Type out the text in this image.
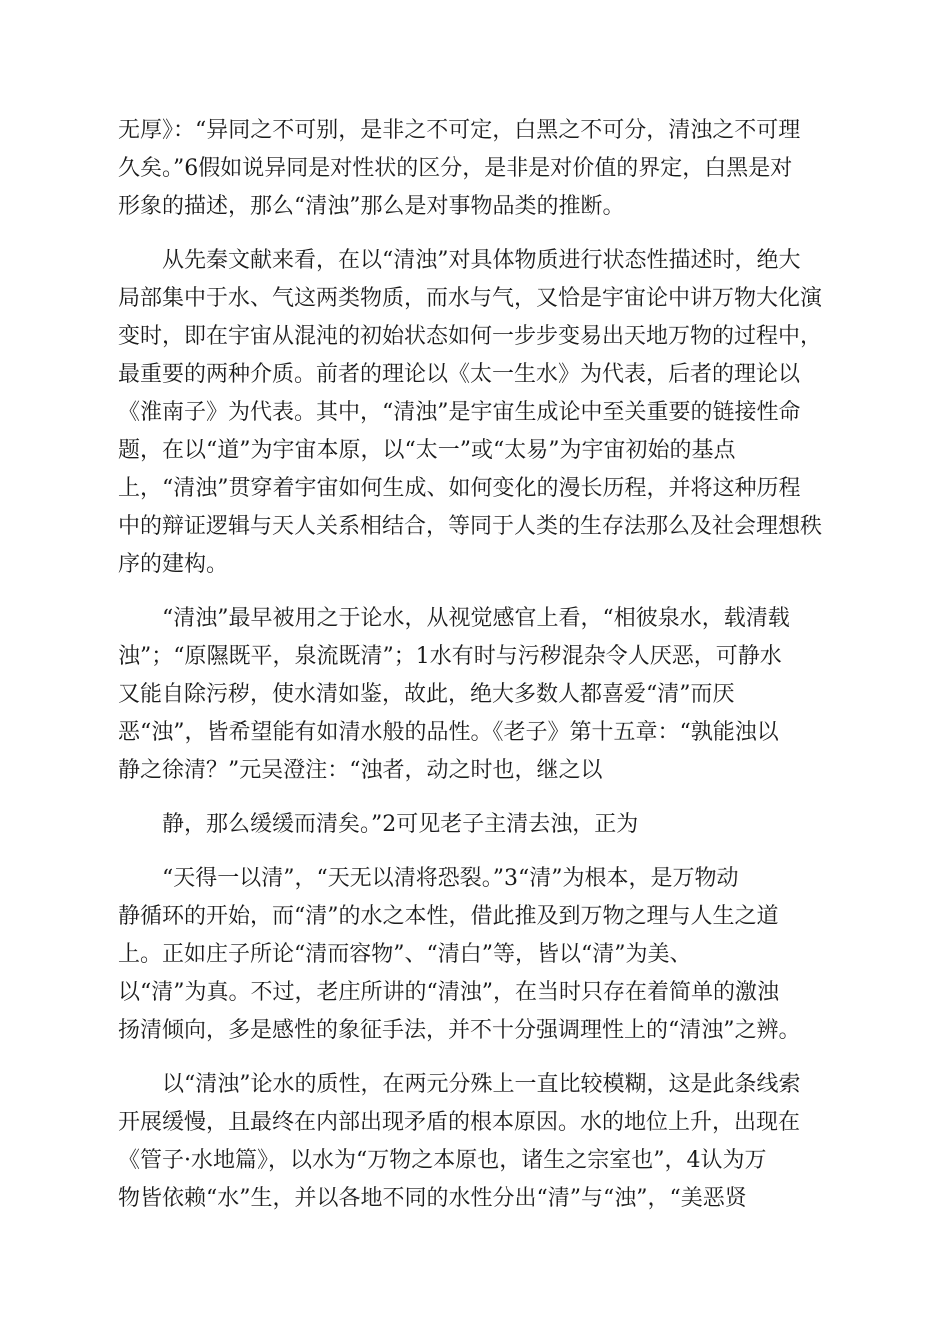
无厚》：“异同之不可别，是非之不可定，白黑之不可分，清浊之不可理
久矣。”6假如说异同是对性状的区分，是非是对价值的界定，白黑是对
形象的描述，那么“清浊”那么是对事物品类的推断。
从先秦文献来看，在以“清浊”对具体物质进行状态性描述时，绝大
局部集中于水、气这两类物质，而水与气，又恰是宇宙论中讲万物大化演
变时，即在宇宙从混沌的初始状态如何一步步变易出天地万物的过程中，
最重要的两种介质。前者的理论以《太一生水》为代表，后者的理论以
《淮南子》为代表。其中，“清浊”是宇宙生成论中至关重要的链接性命
题，在以“道”为宇宙本原，以“太一”或“太易”为宇宙初始的基点
上，“清浊”贯穿着宇宙如何生成、如何变化的漫长历程，并将这种历程
中的辩证逻辑与天人关系相结合，等同于人类的生存法那么及社会理想秩
序的建构。
“清浊”最早被用之于论水，从视觉感官上看，“相彼泉水，载清载
浊”；“原隰既平，泉流既清”；1水有时与污秽混杂令人厌恶，可静水
又能自除污秽，使水清如鉴，故此，绝大多数人都喜爱“清”而厌
恶“浊”，皆希望能有如清水般的品性。《老子》第十五章：“孰能浊以
静之徐清？”元吴澄注：“浊者，动之时也，继之以
静，那么缓缓而清矣。”2可见老子主清去浊，正为
“天得一以清”，“天无以清将恐裂。”3“清”为根本，是万物动
静循环的开始，而“清”的水之本性，借此推及到万物之理与人生之道
上。正如庄子所论“清而容物”、“清白”等，皆以“清”为美、
以“清”为真。不过，老庄所讲的“清浊”，在当时只存在着简单的激浊
扬清倾向，多是感性的象征手法，并不十分强调理性上的“清浊”之辨。
以“清浊”论水的质性，在两元分殊上一直比较模糊，这是此条线索
开展缓慢，且最终在内部出现矛盾的根本原因。水的地位上升，出现在
《管子·水地篇》，以水为“万物之本原也，诸生之宗室也”，4认为万
物皆依赖“水”生，并以各地不同的水性分出“清”与“浊”，“美恶贤
